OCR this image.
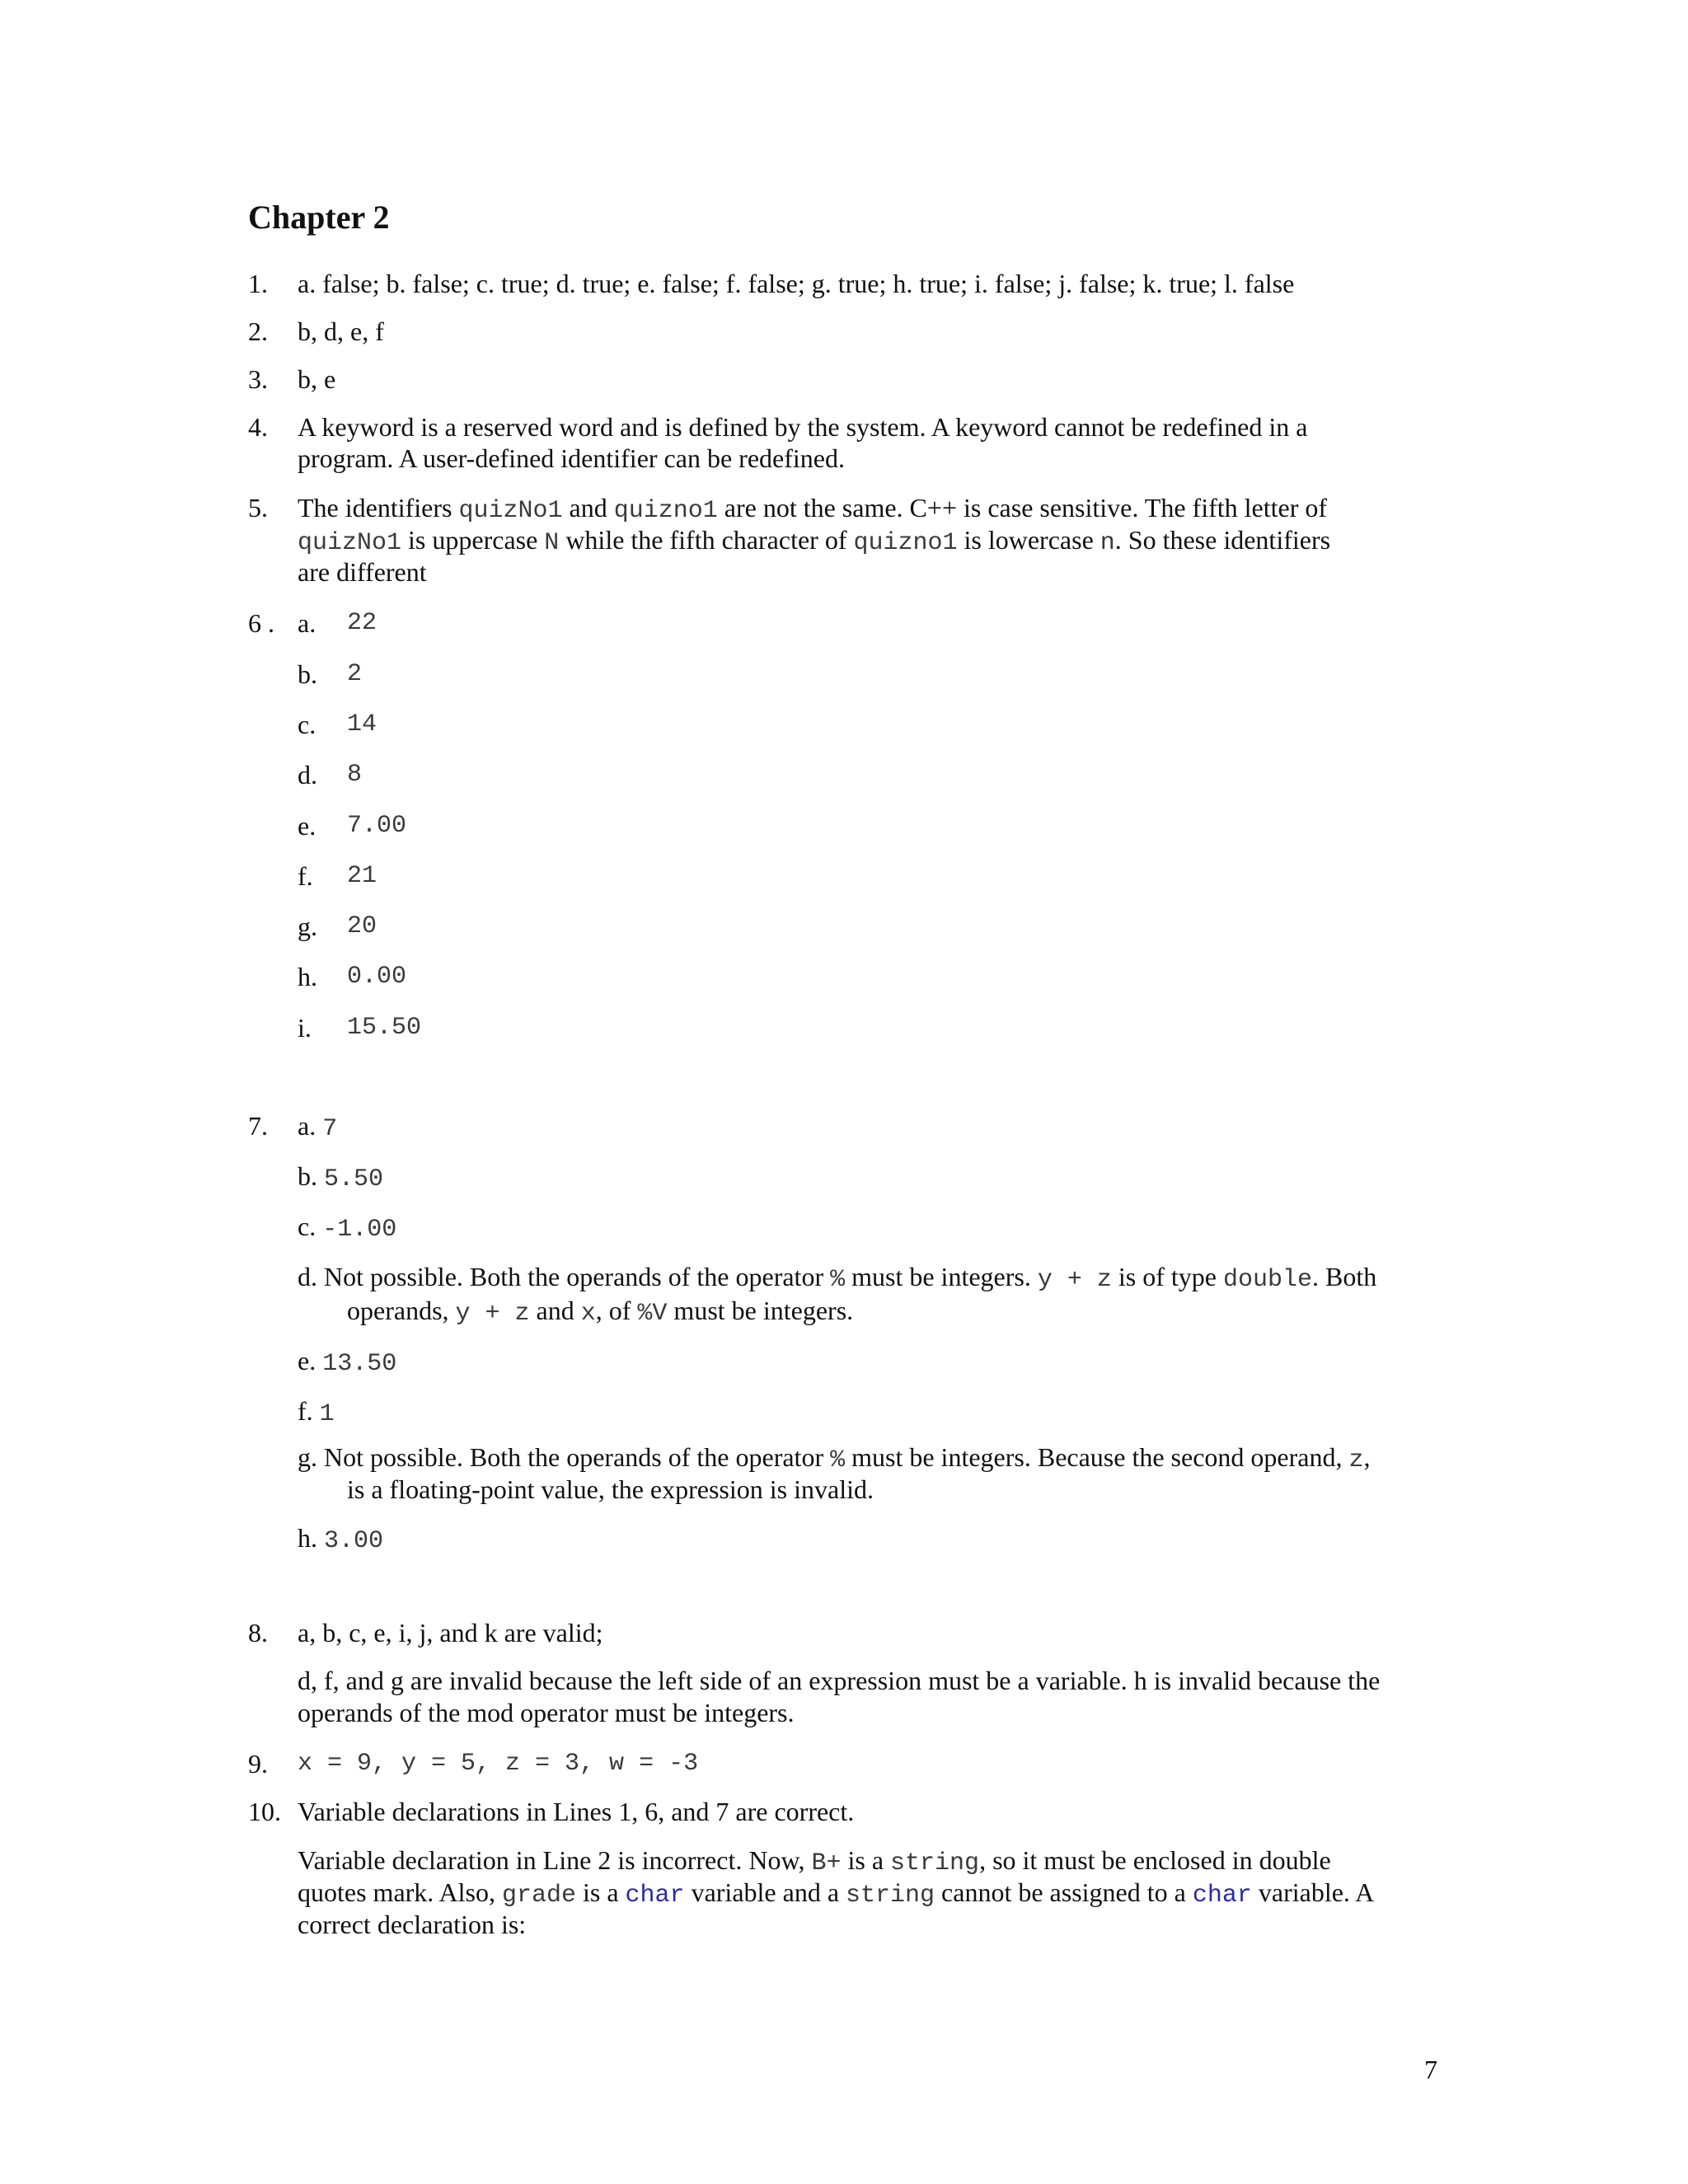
Chapter 2
1. a. false; b. false; c. true; d. true; e. false; f. false; g. true; h. true; i. false; j. false; k. true; l. false
2. b, d, e, f
3. b, e
4. A keyword is a reserved word and is defined by the system. A keyword cannot be redefined in a
program. A user-defined identifier can be redefined.
5. The identifiers quizNo1 and quizno1 are not the same. C++ is case sensitive. The fifth letter of
quizNo1 is uppercase N while the fifth character of quizno1 is lowercase n. So these identifiers
are different
6 . a. 22
b. 2
c. 14
d. 8
e. 7.00
f. 21
g. 20
h. 0.00
i. 15.50
7. a. 7
b. 5.50
c. -1.00
d. Not possible. Both the operands of the operator % must be integers. y + z is of type double. Both
operands, y + z and x, of %V must be integers.
e. 13.50
f. 1
g. Not possible. Both the operands of the operator % must be integers. Because the second operand, z,
is a floating-point value, the expression is invalid.
h. 3.00
8. a, b, c, e, i, j, and k are valid;
d, f, and g are invalid because the left side of an expression must be a variable. h is invalid because the
operands of the mod operator must be integers.
9. x = 9, y = 5, z = 3, w = -3
10. Variable declarations in Lines 1, 6, and 7 are correct.
Variable declaration in Line 2 is incorrect. Now, B+ is a string, so it must be enclosed in double
quotes mark. Also, grade is a char variable and a string cannot be assigned to a char variable. A
correct declaration is:
7
